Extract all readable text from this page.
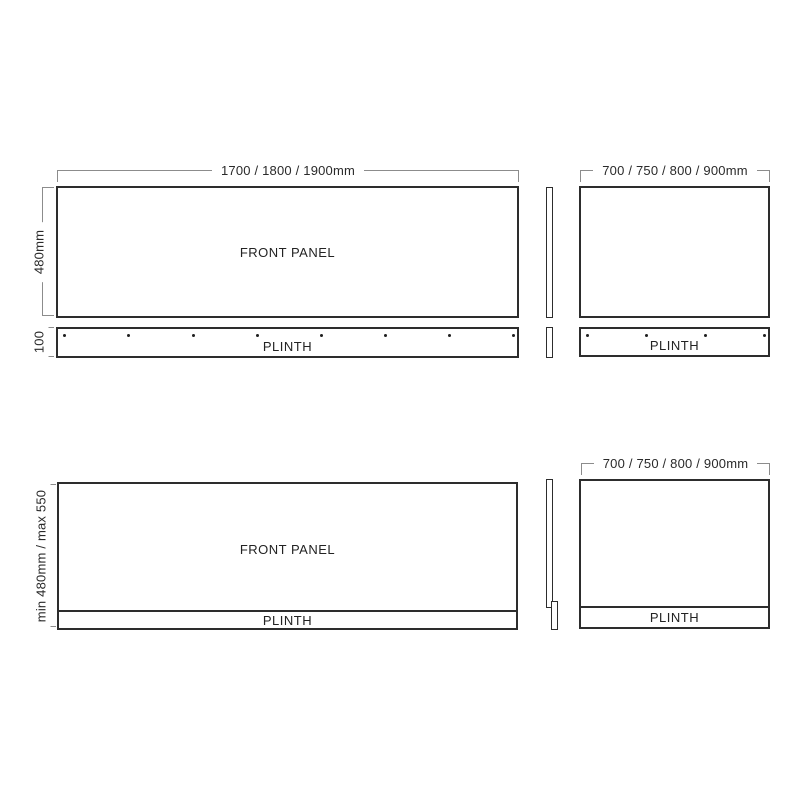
1700 / 1800 / 1900mm
480mm	FRONT PANEL
100	PLINTH
700 / 750 / 800 / 900mm
PLINTH
min 480mm / max 550	FRONT PANEL
PLINTH
700 / 750 / 800 / 900mm
PLINTH
